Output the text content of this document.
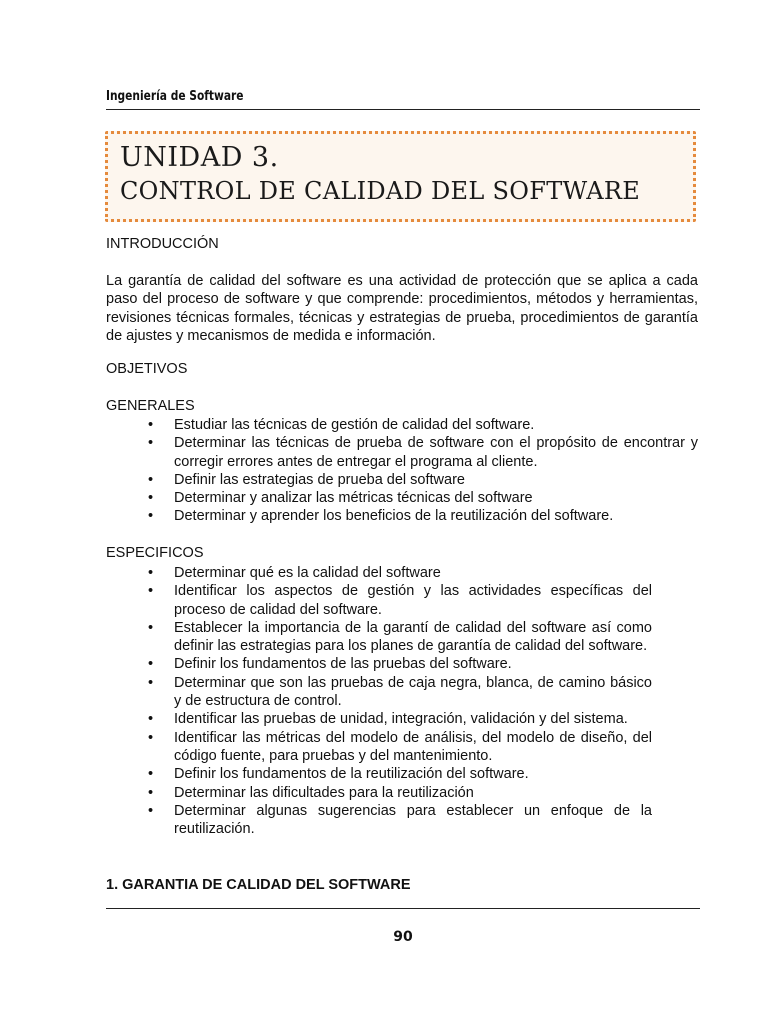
Ingeniería de Software
UNIDAD 3.
CONTROL DE CALIDAD DEL SOFTWARE
INTRODUCCIÓN
La garantía de calidad del software es una actividad de protección que se aplica a cada paso del proceso de software y que comprende: procedimientos, métodos y herramientas, revisiones técnicas formales, técnicas y estrategias de prueba, procedimientos de garantía de ajustes y mecanismos de medida e información.
OBJETIVOS
GENERALES
• Estudiar las técnicas de gestión de calidad del software.
• Determinar las técnicas de prueba de software con el propósito de encontrar y corregir errores antes de entregar el programa al cliente.
• Definir las estrategias de prueba del software
• Determinar y analizar las métricas técnicas del software
• Determinar y aprender los beneficios de la reutilización del software.
ESPECIFICOS
• Determinar qué es la calidad del software
• Identificar los aspectos de gestión y las actividades específicas del proceso de calidad del software.
• Establecer la importancia de la garantí de calidad del software así como definir las estrategias para los planes de garantía de calidad del software.
• Definir los fundamentos de las pruebas del software.
• Determinar que son las pruebas de caja negra, blanca, de camino básico y de estructura de control.
• Identificar las pruebas de unidad, integración, validación y del sistema.
• Identificar las métricas del modelo de análisis, del modelo de diseño, del código fuente, para pruebas y del mantenimiento.
• Definir los fundamentos de la reutilización del software.
• Determinar las dificultades para la reutilización
• Determinar algunas sugerencias para establecer un enfoque de la reutilización.
1. GARANTIA DE CALIDAD DEL SOFTWARE
90
